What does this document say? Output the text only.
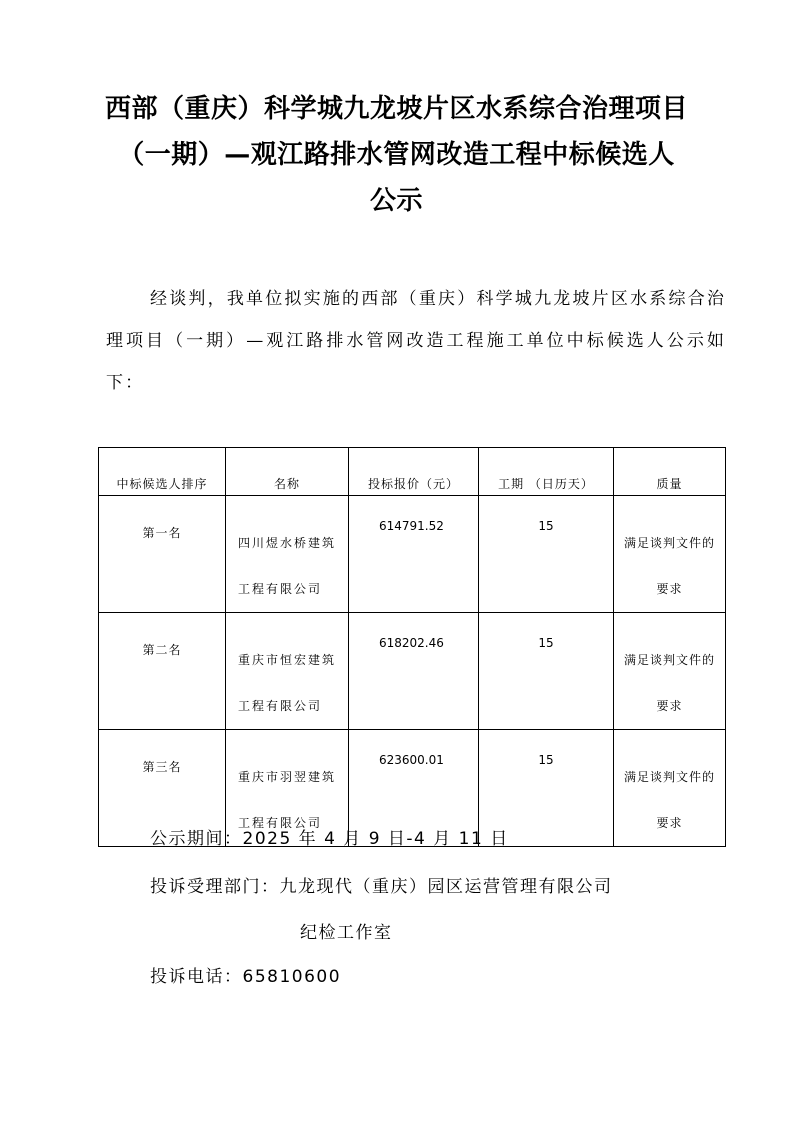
西部（重庆）科学城九龙坡片区水系综合治理项目
（一期）—观江路排水管网改造工程中标候选人
公示
经谈判，我单位拟实施的西部（重庆）科学城九龙坡片区水系综合治理项目（一期）—观江路排水管网改造工程施工单位中标候选人公示如下：
中标候选人排序	名称	投标报价（元）	工期 （日历天）	质量
第一名	四川煜水桥建筑工程有限公司	614791.52	15	满足谈判文件的要求
第二名	重庆市恒宏建筑工程有限公司	618202.46	15	满足谈判文件的要求
第三名	重庆市羽翌建筑工程有限公司	623600.01	15	满足谈判文件的要求
公示期间：2025 年 4 月 9 日-4 月 11 日
投诉受理部门：九龙现代（重庆）园区运营管理有限公司
纪检工作室
投诉电话：65810600
